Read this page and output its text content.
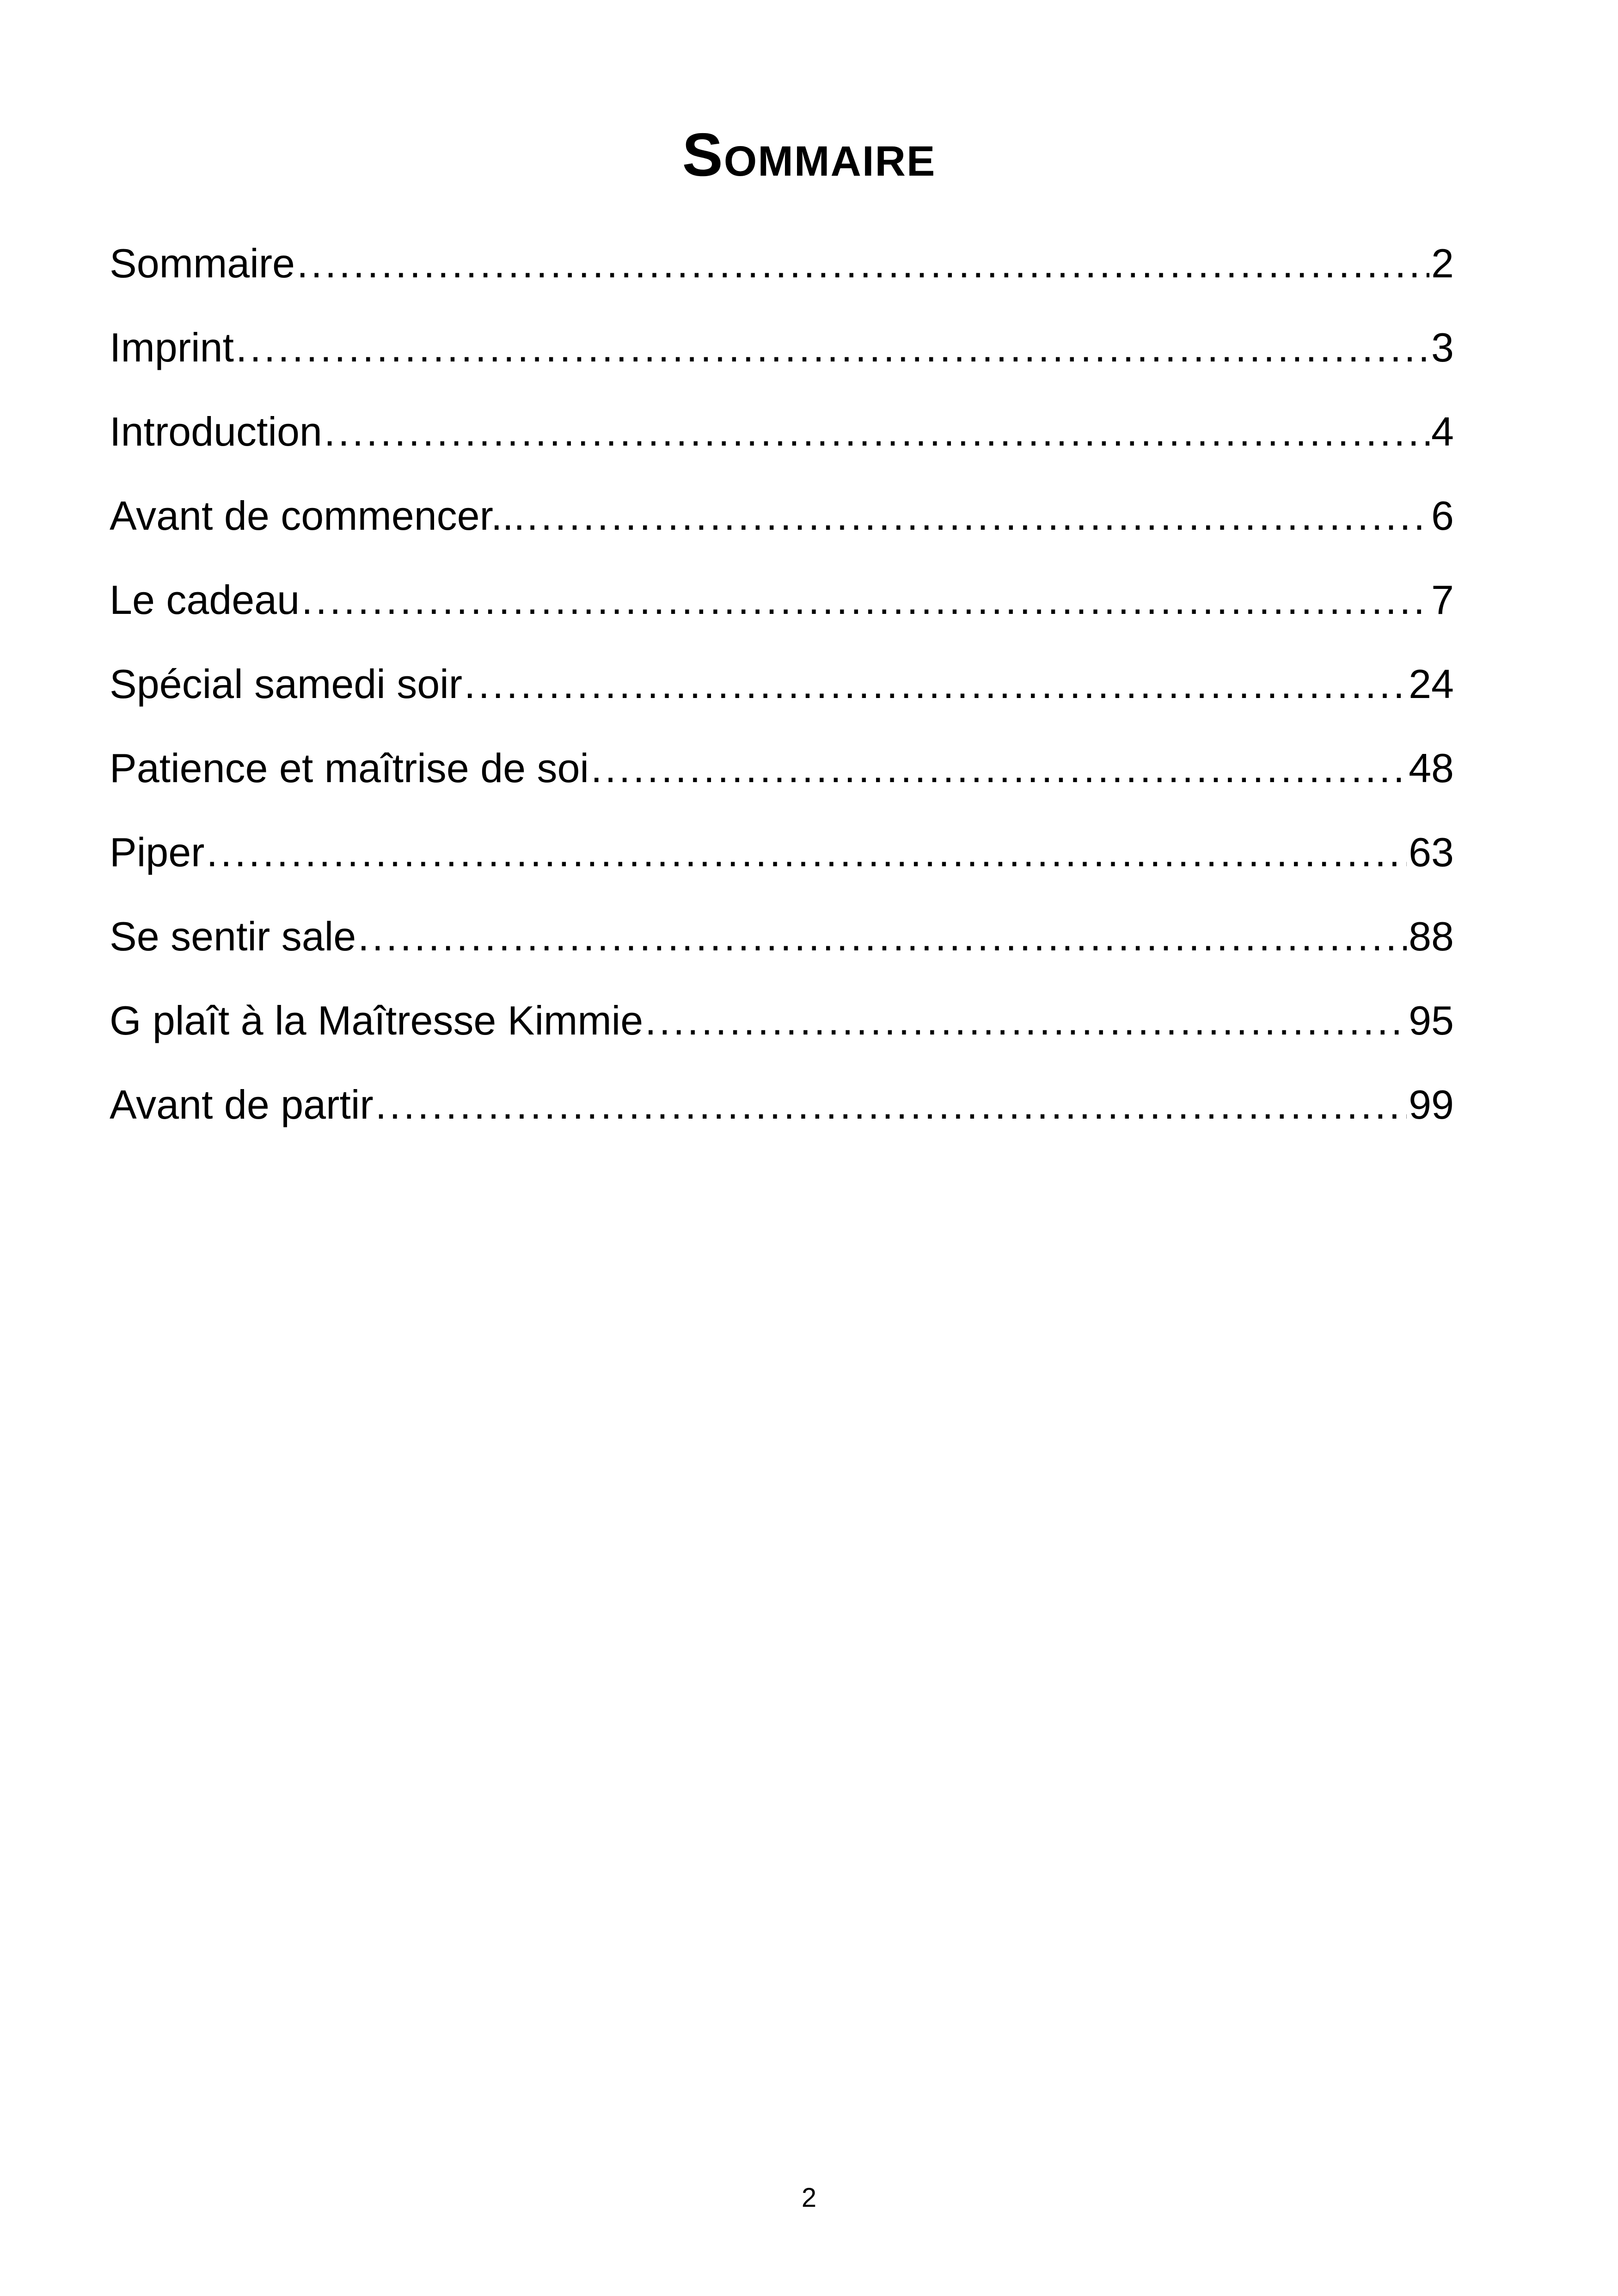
Sommaire
Sommaire .....	2
Imprint .....	3
Introduction .....	4
Avant de commencer... .....	6
Le cadeau .....	7
Spécial samedi soir .....	24
Patience et maîtrise de soi .....	48
Piper .....	63
Se sentir sale .....	88
G plaît à la Maîtresse Kimmie .....	95
Avant de partir .....	99
2
